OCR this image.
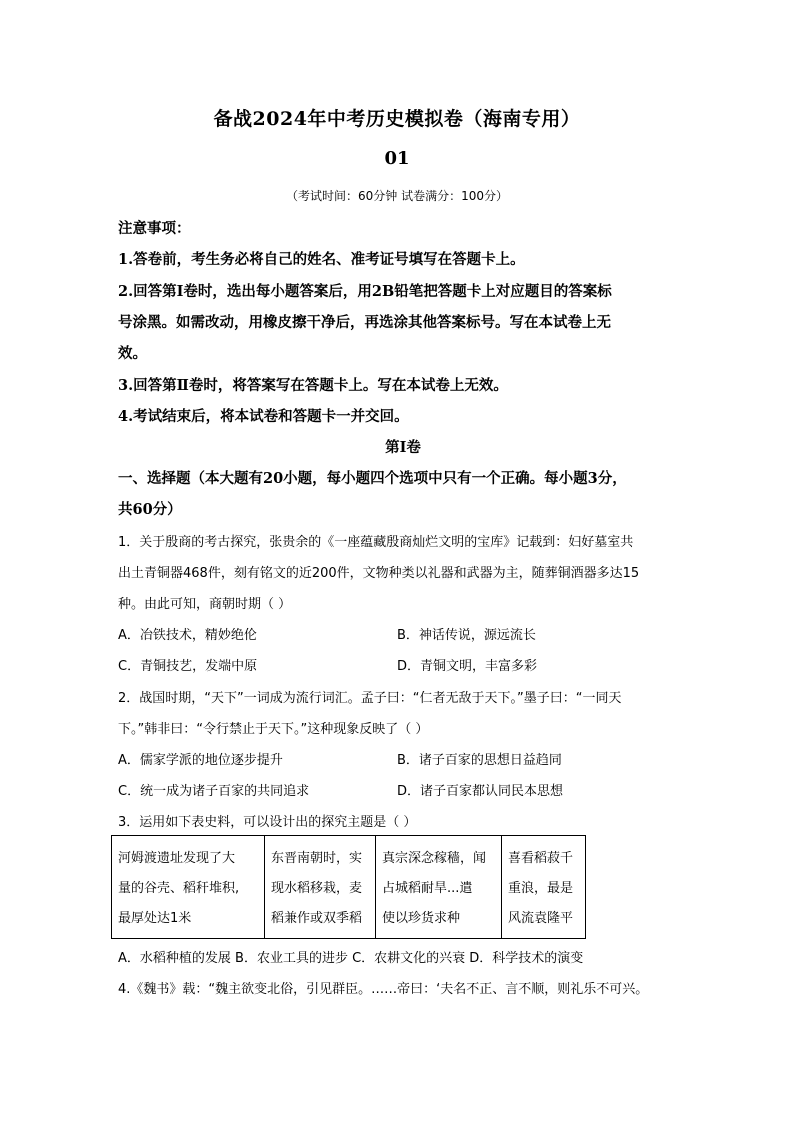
备战2024年中考历史模拟卷（海南专用）
01
（考试时间：60分钟 试卷满分：100分）
注意事项：
1.答卷前，考生务必将自己的姓名、准考证号填写在答题卡上。
2.回答第Ⅰ卷时，选出每小题答案后，用2B铅笔把答题卡上对应题目的答案标
号涂黑。如需改动，用橡皮擦干净后，再选涂其他答案标号。写在本试卷上无
效。
3.回答第Ⅱ卷时，将答案写在答题卡上。写在本试卷上无效。
4.考试结束后，将本试卷和答题卡一并交回。
第Ⅰ卷
一、选择题（本大题有20小题，每小题四个选项中只有一个正确。每小题3分，
共60分）
1．关于殷商的考古探究，张贵余的《一座蕴藏殷商灿烂文明的宝库》记载到：妇好墓室共
出土青铜器468件，刻有铭文的近200件，文物种类以礼器和武器为主，随葬铜酒器多达15
种。由此可知，商朝时期（ ）
A．冶铁技术，精妙绝伦	B．神话传说，源远流长
C．青铜技艺，发端中原	D．青铜文明，丰富多彩
2．战国时期，“天下”一词成为流行词汇。孟子曰：“仁者无敌于天下。”墨子曰：“一同天
下。”韩非曰：“令行禁止于天下。”这种现象反映了（ ）
A．儒家学派的地位逐步提升	B．诸子百家的思想日益趋同
C．统一成为诸子百家的共同追求	D．诸子百家都认同民本思想
3．运用如下表史料，可以设计出的探究主题是（ ）
河姆渡遗址发现了大
量的谷壳、稻秆堆积,
最厚处达1米

东晋南朝时，实
现水稻移栽，麦
稻兼作或双季稻

真宗深念稼穑，闻
占城稻耐旱...遣
使以珍货求种

喜看稻菽千
重浪，最是
风流袁隆平
A．水稻种植的发展 B．农业工具的进步 C．农耕文化的兴衰 D．科学技术的演变
4.《魏书》载：“魏主欲变北俗，引见群臣。……帝曰：‘夫名不正、言不顺，则礼乐不可兴。
